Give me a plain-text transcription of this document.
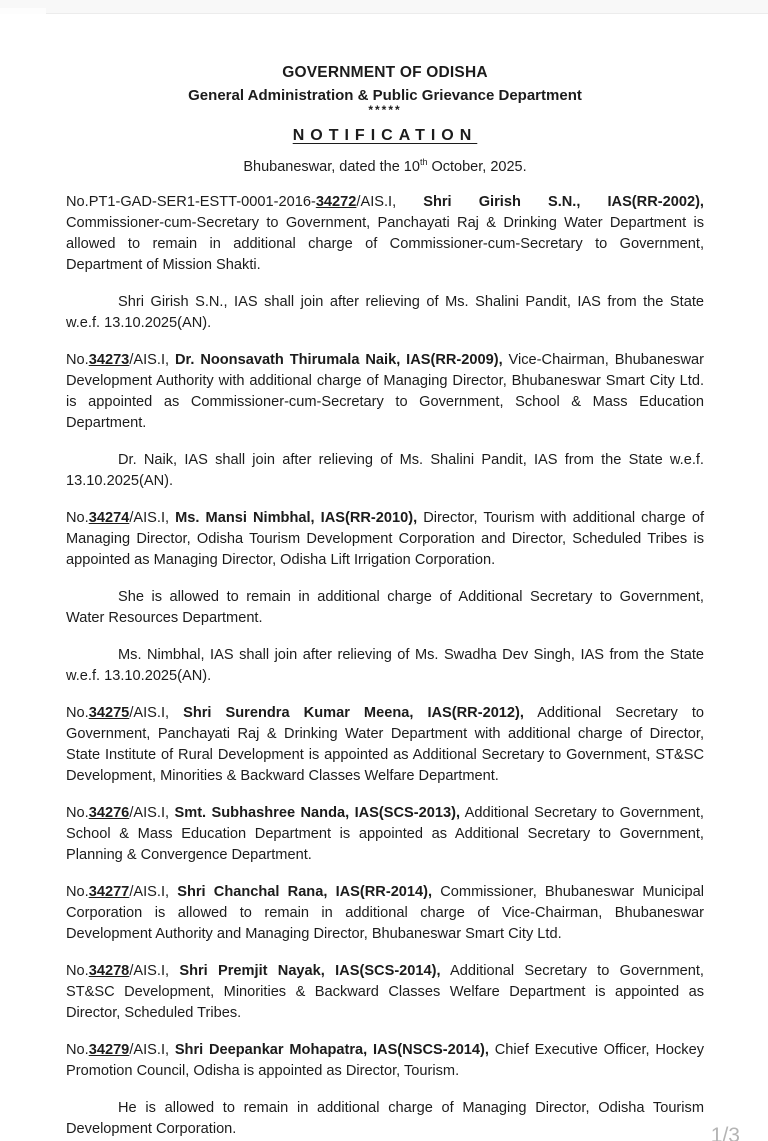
GOVERNMENT OF ODISHA
General Administration & Public Grievance Department
*****
NOTIFICATION
Bhubaneswar, dated the 10th October, 2025.

No.PT1-GAD-SER1-ESTT-0001-2016-34272/AIS.I, Shri Girish S.N., IAS(RR-2002), Commissioner-cum-Secretary to Government, Panchayati Raj & Drinking Water Department is allowed to remain in additional charge of Commissioner-cum-Secretary to Government, Department of Mission Shakti.

Shri Girish S.N., IAS shall join after relieving of Ms. Shalini Pandit, IAS from the State w.e.f. 13.10.2025(AN).

No.34273/AIS.I, Dr. Noonsavath Thirumala Naik, IAS(RR-2009), Vice-Chairman, Bhubaneswar Development Authority with additional charge of Managing Director, Bhubaneswar Smart City Ltd. is appointed as Commissioner-cum-Secretary to Government, School & Mass Education Department.

Dr. Naik, IAS shall join after relieving of Ms. Shalini Pandit, IAS from the State w.e.f. 13.10.2025(AN).

No.34274/AIS.I, Ms. Mansi Nimbhal, IAS(RR-2010), Director, Tourism with additional charge of Managing Director, Odisha Tourism Development Corporation and Director, Scheduled Tribes is appointed as Managing Director, Odisha Lift Irrigation Corporation.

She is allowed to remain in additional charge of Additional Secretary to Government, Water Resources Department.

Ms. Nimbhal, IAS shall join after relieving of Ms. Swadha Dev Singh, IAS from the State w.e.f. 13.10.2025(AN).

No.34275/AIS.I, Shri Surendra Kumar Meena, IAS(RR-2012), Additional Secretary to Government, Panchayati Raj & Drinking Water Department with additional charge of Director, State Institute of Rural Development is appointed as Additional Secretary to Government, ST&SC Development, Minorities & Backward Classes Welfare Department.

No.34276/AIS.I, Smt. Subhashree Nanda, IAS(SCS-2013), Additional Secretary to Government, School & Mass Education Department is appointed as Additional Secretary to Government, Planning & Convergence Department.

No.34277/AIS.I, Shri Chanchal Rana, IAS(RR-2014), Commissioner, Bhubaneswar Municipal Corporation is allowed to remain in additional charge of Vice-Chairman, Bhubaneswar Development Authority and Managing Director, Bhubaneswar Smart City Ltd.

No.34278/AIS.I, Shri Premjit Nayak, IAS(SCS-2014), Additional Secretary to Government, ST&SC Development, Minorities & Backward Classes Welfare Department is appointed as Director, Scheduled Tribes.

No.34279/AIS.I, Shri Deepankar Mohapatra, IAS(NSCS-2014), Chief Executive Officer, Hockey Promotion Council, Odisha is appointed as Director, Tourism.

He is allowed to remain in additional charge of Managing Director, Odisha Tourism Development Corporation.	1/3
